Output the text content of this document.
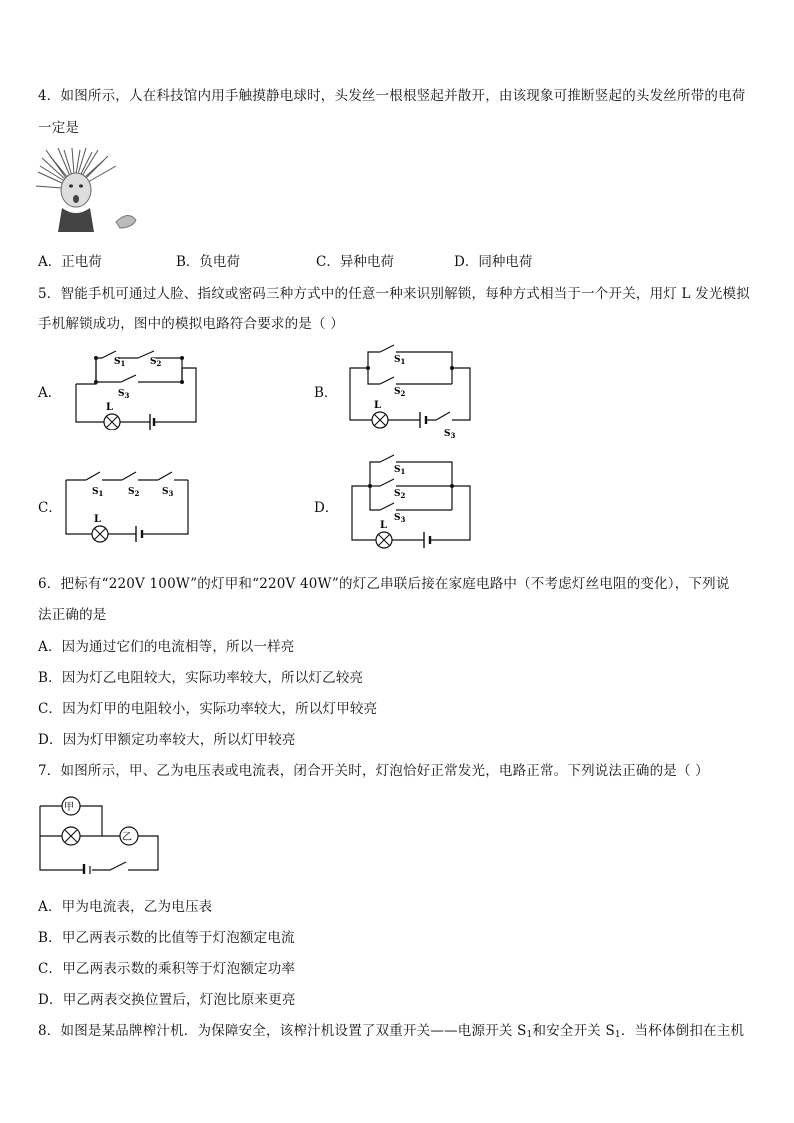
4．如图所示，人在科技馆内用手触摸静电球时，头发丝一根根竖起并散开，由该现象可推断竖起的头发丝所带的电荷
一定是
A．正电荷	B．负电荷	C．异种电荷	D．同种电荷
5．智能手机可通过人脸、指纹或密码三种方式中的任意一种来识别解锁，每种方式相当于一个开关，用灯 L 发光模拟
手机解锁成功，图中的模拟电路符合要求的是（ ）
A．
L
$S_1$	$S_2$
$S_3$	B．
L
$S_1$
$S_2$
$S_3$
C．
L
$S_1$	$S_2$	$S_3$
D．
L
$S_1$
$S_2$
$S_3$
6．把标有“220V 100W”的灯甲和“220V 40W”的灯乙串联后接在家庭电路中（不考虑灯丝电阻的变化），下列说
法正确的是
A．因为通过它们的电流相等，所以一样亮
B．因为灯乙电阻较大，实际功率较大，所以灯乙较亮
C．因为灯甲的电阻较小，实际功率较大，所以灯甲较亮
D．因为灯甲额定功率较大，所以灯甲较亮
7．如图所示，甲、乙为电压表或电流表，闭合开关时，灯泡恰好正常发光，电路正常。下列说法正确的是（ ）
甲
乙
A．甲为电流表，乙为电压表
B．甲乙两表示数的比值等于灯泡额定电流
C．甲乙两表示数的乘积等于灯泡额定功率
D．甲乙两表交换位置后，灯泡比原来更亮
8．如图是某品牌榨汁机．为保障安全，该榨汁机设置了双重开关——电源开关 $S_1$和安全开关 $S_1$．当杯体倒扣在主机
